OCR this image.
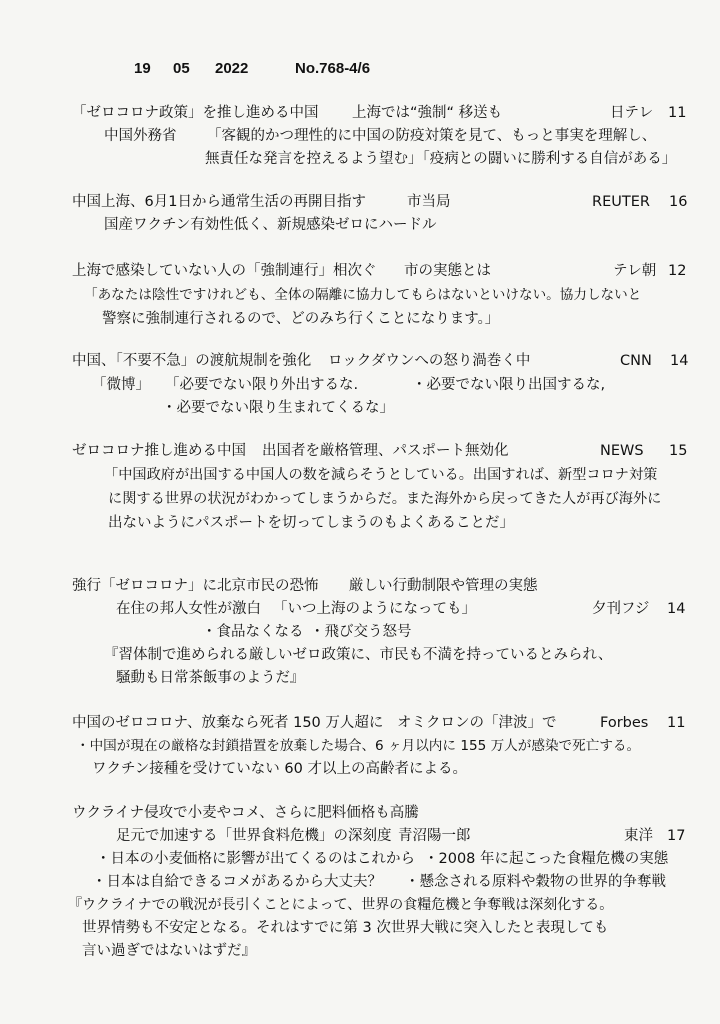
19 05 2022	No.768-4/6
「ゼロコロナ政策」を推し進める中国 上海では“強制“ 移送も	日テレ 11
中国外務省 「客観的かつ理性的に中国の防疫対策を見て、もっと事実を理解し、
無責任な発言を控えるよう望む」「疫病との闘いに勝利する自信がある」
中国上海、6月1日から通常生活の再開目指す	市当局	REUTER 16
国産ワクチン有効性低く、新規感染ゼロにハードル
上海で感染していない人の「強制連行」相次ぐ 市の実態とは	テレ朝 12
「あなたは陰性ですけれども、全体の隔離に協力してもらはないといけない。協力しないと
警察に強制連行されるので、どのみち行くことになります。」
中国、「不要不急」の渡航規制を強化 ロックダウンへの怒り渦巻く中	CNN 14
「微博」 「必要でない限り外出するな.	・必要でない限り出国するな,
・必要でない限り生まれてくるな」
ゼロコロナ推し進める中国 出国者を厳格管理、パスポート無効化	NEWS 15
「中国政府が出国する中国人の数を減らそうとしている。出国すれば、新型コロナ対策
に関する世界の状況がわかってしまうからだ。また海外から戻ってきた人が再び海外に
出ないようにパスポートを切ってしまうのもよくあることだ」
強行「ゼロコロナ」に北京市民の恐怖 厳しい行動制限や管理の実態
在住の邦人女性が激白 「いつ上海のようになっても」	夕刊フジ 14
・食品なくなる ・飛び交う怒号
『習体制で進められる厳しいゼロ政策に、市民も不満を持っているとみられ、
騒動も日常茶飯事のようだ』
中国のゼロコロナ、放棄なら死者 150 万人超に オミクロンの「津波」で	Forbes 11
・中国が現在の厳格な封鎖措置を放棄した場合、6 ヶ月以内に 155 万人が感染で死亡する。
ワクチン接種を受けていない 60 才以上の高齢者による。
ウクライナ侵攻で小麦やコメ、さらに肥料価格も高騰
足元で加速する「世界食料危機」の深刻度 青沼陽一郎	東洋 17
・日本の小麦価格に影響が出てくるのはこれから ・2008 年に起こった食糧危機の実態
・日本は自給できるコメがあるから大丈夫？ ・懸念される原料や穀物の世界的争奪戦
『ウクライナでの戦況が長引くことによって、世界の食糧危機と争奪戦は深刻化する。
世界情勢も不安定となる。それはすでに第 3 次世界大戦に突入したと表現しても
言い過ぎではないはずだ』
